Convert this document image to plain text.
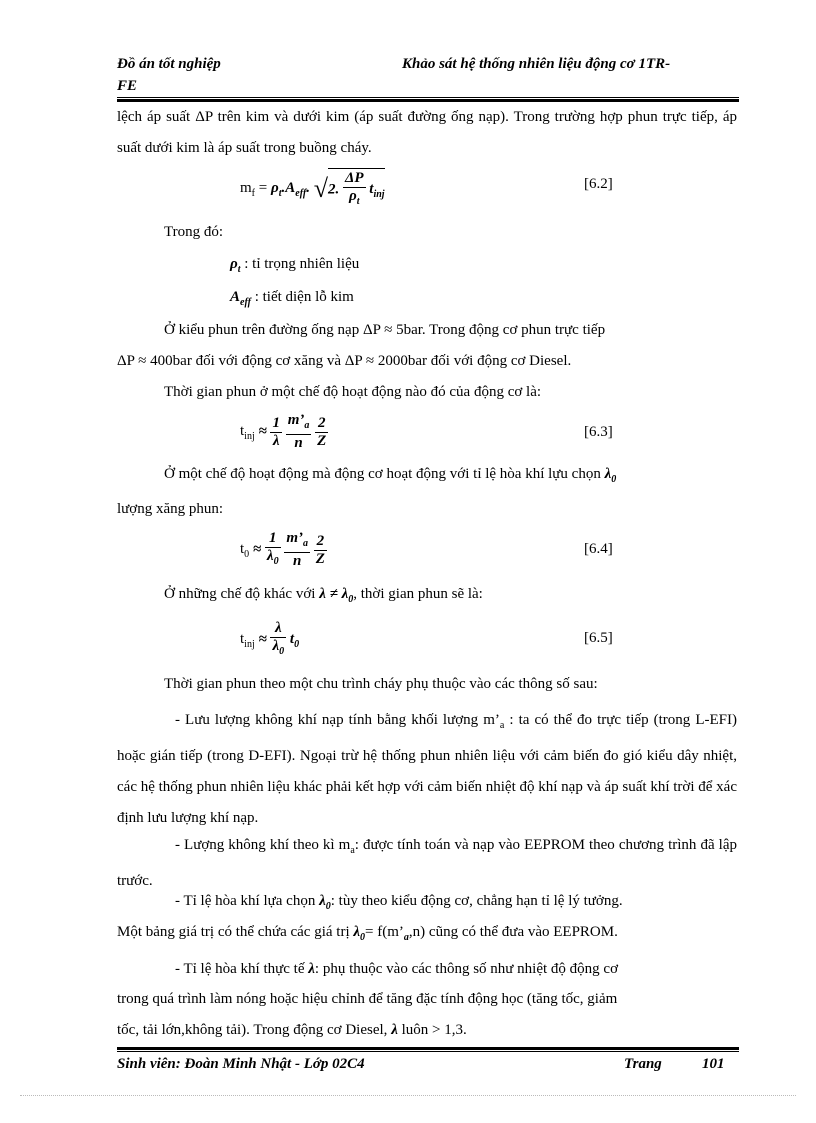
Đồ án tốt nghiệp
FE
Khảo sát hệ thống nhiên liệu động cơ 1TR-
lệch áp suất ΔP trên kim và dưới kim (áp suất đường ống nạp). Trong trường hợp phun trực tiếp, áp suất dưới kim là áp suất trong buồng cháy.
$m_f = \rho_t.A_{eff}$. √2. $\frac{\Delta P}{\rho_t} t_{inj}$
[6.2]
Trong đó:
$\rho_t$ : tỉ trọng nhiên liệu
$A_{eff}$ : tiết diện lỗ kim
Ở kiểu phun trên đường ống nạp ΔP ≈ 5bar. Trong động cơ phun trực tiếp
ΔP ≈ 400bar đối với động cơ xăng và ΔP ≈ 2000bar đối với động cơ Diesel.
Thời gian phun ở một chế độ hoạt động nào đó của động cơ là:
$t_{inj} \approx \frac{1}{\lambda}$
$\frac{m’_a}{n}$
$\frac{2}{Z}$	[6.3]
Ở một chế độ hoạt động mà động cơ hoạt động với tỉ lệ hòa khí lựu chọn $\lambda_0$
lượng xăng phun:
$t_0 \approx \frac{1}{\lambda_0}$
$\frac{m’_a}{n}$
$\frac{2}{Z}$	[6.4]
Ở những chế độ khác với $\lambda \ne \lambda_0$, thời gian phun sẽ là:
$t_{inj} \approx \frac{\lambda}{\lambda_0} t_0$	[6.5]
Thời gian phun theo một chu trình cháy phụ thuộc vào các thông số sau:
- Lưu lượng không khí nạp tính bằng khối lượng $m’_a$ : ta có thể đo trực tiếp (trong L-EFI) hoặc gián tiếp (trong D-EFI). Ngoại trừ hệ thống phun nhiên liệu với cảm biến đo gió kiểu dây nhiệt, các hệ thống phun nhiên liệu khác phải kết hợp với cảm biến nhiệt độ khí nạp và áp suất khí trời để xác định lưu lượng khí nạp.
- Lượng không khí theo kì $m_a$: được tính toán và nạp vào EEPROM theo chương trình đã lập trước.
- Tỉ lệ hòa khí lựa chọn $\lambda_0$: tùy theo kiểu động cơ, chẳng hạn tỉ lệ lý tưởng.
Một bảng giá trị có thể chứa các giá trị $\lambda_0=$ $f(m’_a,n)$ cũng có thể đưa vào EEPROM.
- Tỉ lệ hòa khí thực tế λ: phụ thuộc vào các thông số như nhiệt độ động cơ
trong quá trình làm nóng hoặc hiệu chỉnh để tăng đặc tính động học (tăng tốc, giảm
tốc, tải lớn,không tải). Trong động cơ Diesel, λ luôn > 1,3.
Sinh viên: Đoàn Minh Nhật - Lớp 02C4	Trang	101
